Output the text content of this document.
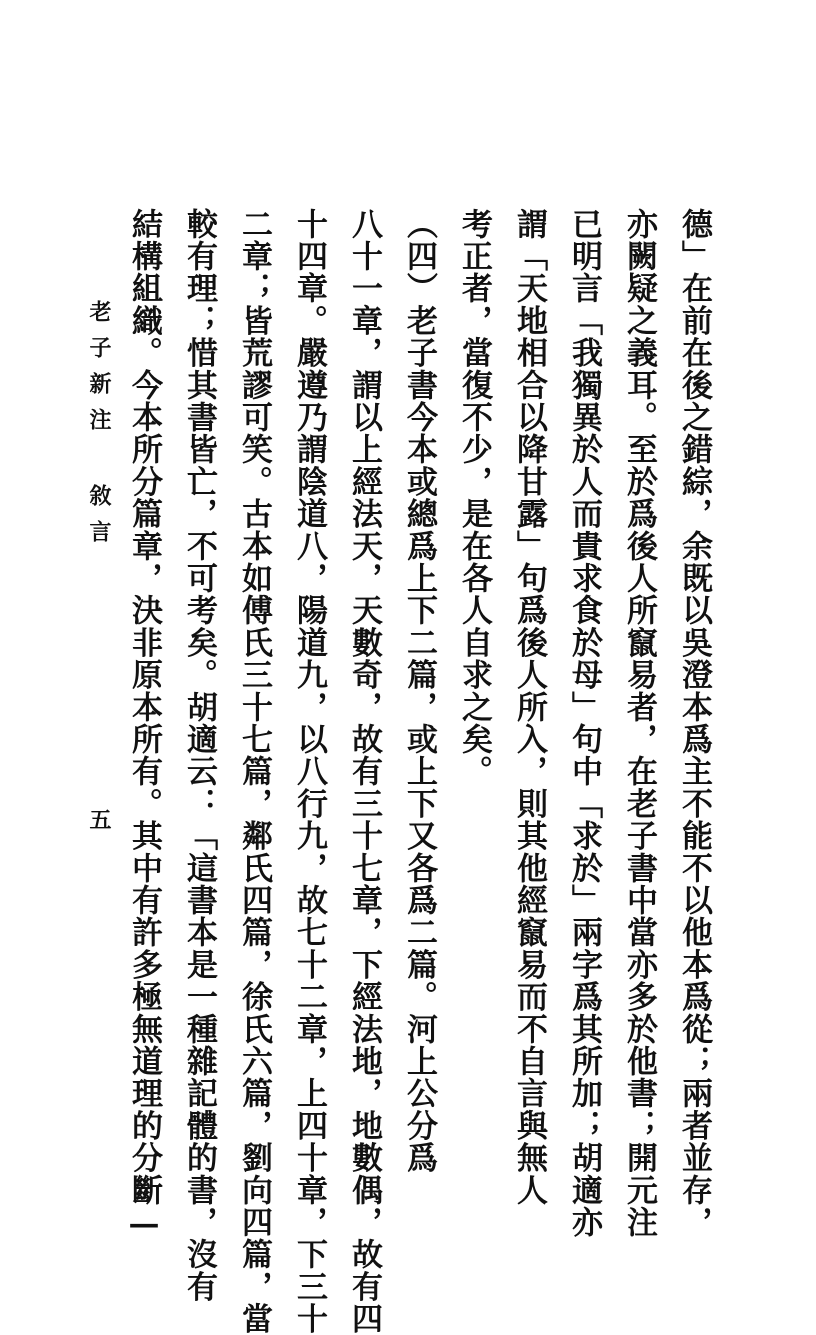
老子新注 敘言	德」在前在後之錯綜，余既以吳澄本爲主不能不以他本爲從；兩者並存，
亦闕疑之義耳。至於爲後人所竄易者，在老子書中當亦多於他書；開元注
已明言「我獨異於人而貴求食於母」句中「求於」兩字爲其所加；胡適亦
謂「天地相合以降甘露」句爲後人所入，則其他經竄易而不自言與無人
考正者，當復不少，是在各人自求之矣。
（四）老子書今本或總爲上下二篇，或上下又各爲二篇。河上公分爲
八十一章，謂以上經法天，天數奇，故有三十七章，下經法地，地數偶，故有四
十四章。嚴遵乃謂陰道八，陽道九，以八行九，故七十二章，上四十章，下三十
二章；皆荒謬可笑。古本如傅氏三十七篇，鄰氏四篇，徐氏六篇，劉向四篇，當
較有理；惜其書皆亡，不可考矣。胡適云：「這書本是一種雜記體的書，沒有
結構組織。今本所分篇章，決非原本所有。其中有許多極無道理的分斷—
五
